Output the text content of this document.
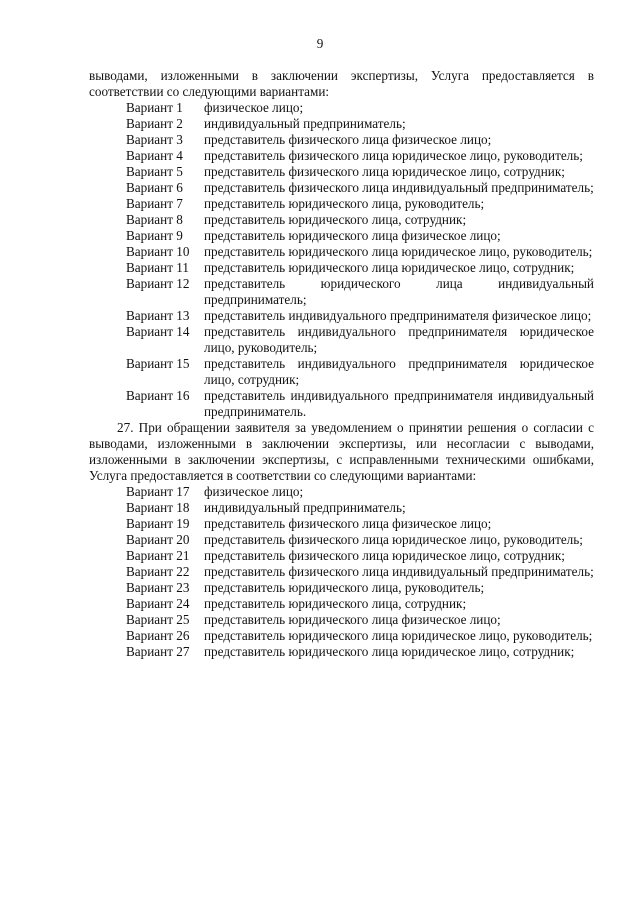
9
выводами, изложенными в заключении экспертизы, Услуга предоставляется в соответствии со следующими вариантами:
Вариант 1 физическое лицо;
Вариант 2 индивидуальный предприниматель;
Вариант 3 представитель физического лица физическое лицо;
Вариант 4 представитель физического лица юридическое лицо, руководитель;
Вариант 5 представитель физического лица юридическое лицо, сотрудник;
Вариант 6 представитель физического лица индивидуальный предприниматель;
Вариант 7 представитель юридического лица, руководитель;
Вариант 8 представитель юридического лица, сотрудник;
Вариант 9 представитель юридического лица физическое лицо;
Вариант 10 представитель юридического лица юридическое лицо, руководитель;
Вариант 11 представитель юридического лица юридическое лицо, сотрудник;
Вариант 12 представитель юридического лица индивидуальный предприниматель;
Вариант 13 представитель индивидуального предпринимателя физическое лицо;
Вариант 14 представитель индивидуального предпринимателя юридическое лицо, руководитель;
Вариант 15 представитель индивидуального предпринимателя юридическое лицо, сотрудник;
Вариант 16 представитель индивидуального предпринимателя индивидуальный предприниматель.
27. При обращении заявителя за уведомлением о принятии решения о согласии с выводами, изложенными в заключении экспертизы, или несогласии с выводами, изложенными в заключении экспертизы, с исправленными техническими ошибками, Услуга предоставляется в соответствии со следующими вариантами:
Вариант 17 физическое лицо;
Вариант 18 индивидуальный предприниматель;
Вариант 19 представитель физического лица физическое лицо;
Вариант 20 представитель физического лица юридическое лицо, руководитель;
Вариант 21 представитель физического лица юридическое лицо, сотрудник;
Вариант 22 представитель физического лица индивидуальный предприниматель;
Вариант 23 представитель юридического лица, руководитель;
Вариант 24 представитель юридического лица, сотрудник;
Вариант 25 представитель юридического лица физическое лицо;
Вариант 26 представитель юридического лица юридическое лицо, руководитель;
Вариант 27 представитель юридического лица юридическое лицо, сотрудник;
